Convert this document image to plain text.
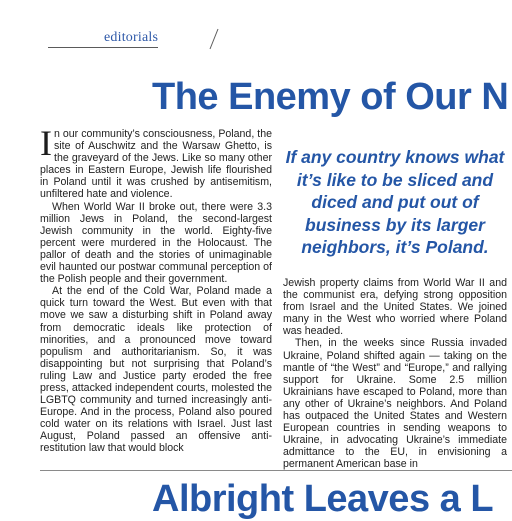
editorials
The Enemy of Our N
I n our community’s consciousness, Poland, the site of Auschwitz and the Warsaw Ghetto, is the graveyard of the Jews. Like so many other places in Eastern Europe, Jewish life flourished in Poland until it was crushed by antisemitism, unfiltered hate and violence.

When World War II broke out, there were 3.3 million Jews in Poland, the second-largest Jewish community in the world. Eighty-five percent were murdered in the Holocaust. The pallor of death and the stories of unimaginable evil haunted our postwar communal perception of the Polish people and their government.

At the end of the Cold War, Poland made a quick turn toward the West. But even with that move we saw a disturbing shift in Poland away from democratic ideals like protection of minorities, and a pronounced move toward populism and authoritarianism. So, it was disappointing but not surprising that Poland’s ruling Law and Justice party eroded the free press, attacked independent courts, molested the LGBTQ community and turned increasingly anti-Europe. And in the process, Poland also poured cold water on its relations with Israel. Just last August, Poland passed an offensive anti-restitution law that would block

If any country knows what it’s like to be sliced and diced and put out of business by its larger neighbors, it’s Poland.

Jewish property claims from World War II and the communist era, defying strong opposition from Israel and the United States. We joined many in the West who worried where Poland was headed.

Then, in the weeks since Russia invaded Ukraine, Poland shifted again — taking on the mantle of “the West” and “Europe,” and rallying support for Ukraine. Some 2.5 million Ukrainians have escaped to Poland, more than any other of Ukraine’s neighbors. And Poland has outpaced the United States and Western European countries in sending weapons to Ukraine, in advocating Ukraine’s immediate admittance to the EU, in envisioning a permanent American base in

Albright Leaves a L
